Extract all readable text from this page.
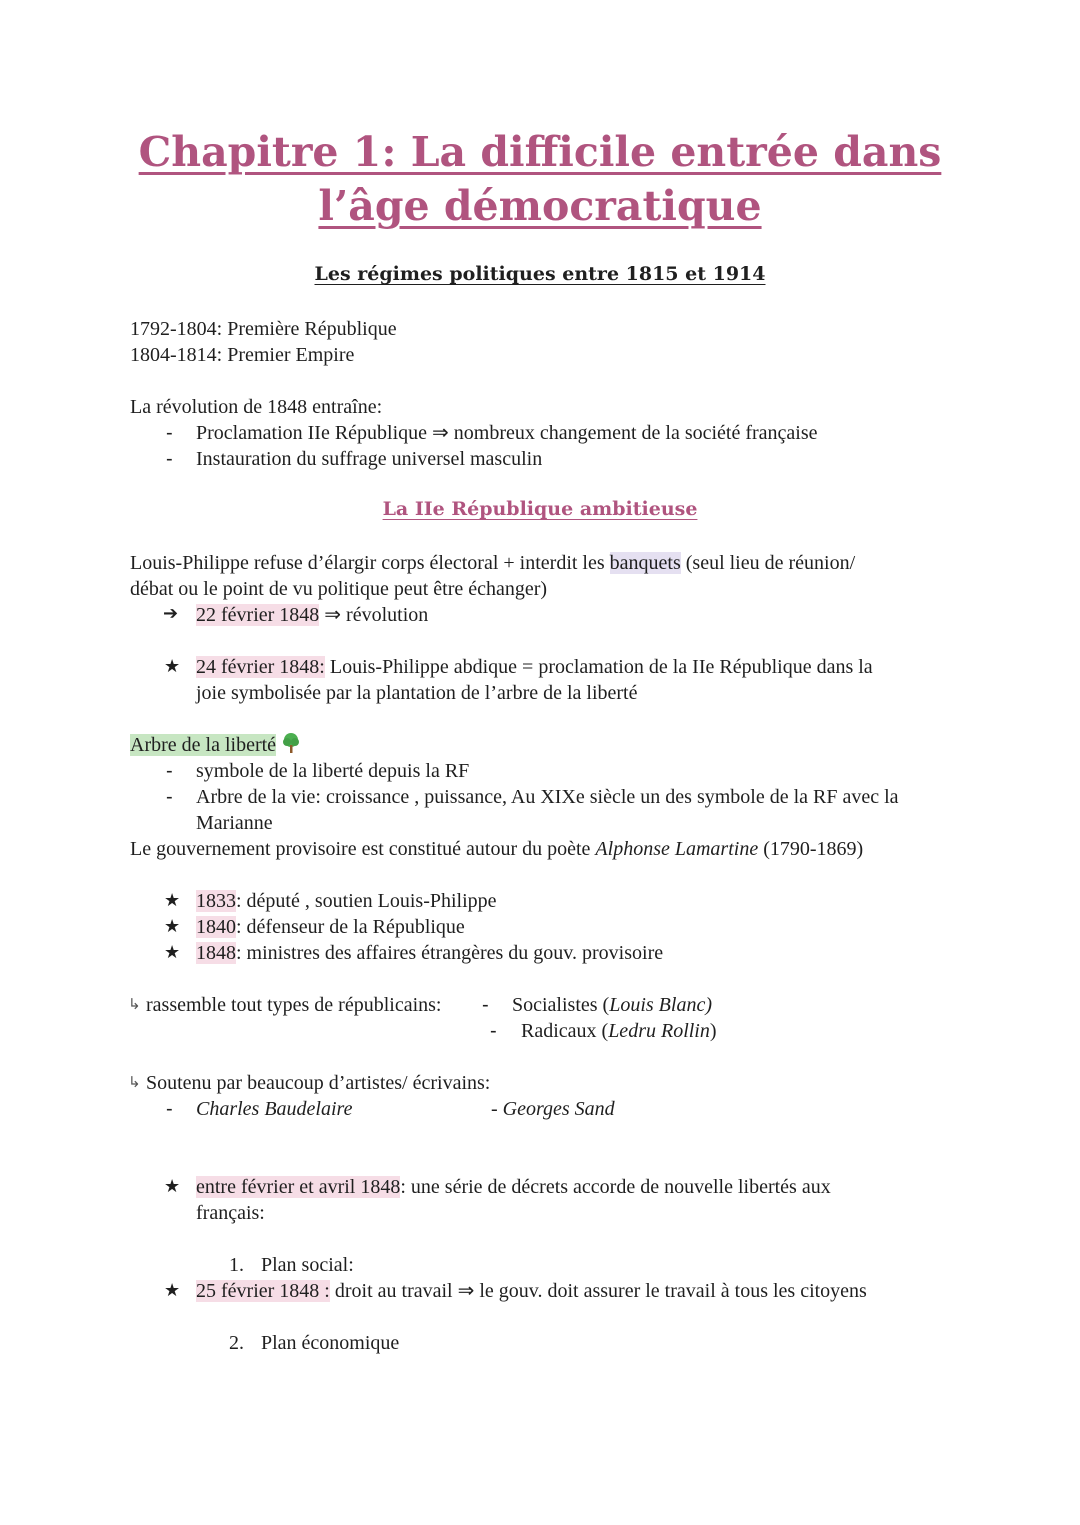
Chapitre 1: La difficile entrée dans
l’âge démocratique
Les régimes politiques entre 1815 et 1914
1792-1804: Première République
1804-1814: Premier Empire
La révolution de 1848 entraîne:
- Proclamation IIe République ⇒ nombreux changement de la société française
- Instauration du suffrage universel masculin
La IIe République ambitieuse
Louis-Philippe refuse d’élargir corps électoral + interdit les banquets (seul lieu de réunion/
débat ou le point de vu politique peut être échanger)
➔ 22 février 1848 ⇒ révolution
★ 24 février 1848: Louis-Philippe abdique = proclamation de la IIe République dans la
joie symbolisée par la plantation de l’arbre de la liberté
Arbre de la liberté
- symbole de la liberté depuis la RF
- Arbre de la vie: croissance , puissance, Au XIXe siècle un des symbole de la RF avec la
Marianne
Le gouvernement provisoire est constitué autour du poète Alphonse Lamartine (1790-1869)
★ 1833: député , soutien Louis-Philippe
★ 1840: défenseur de la République
★ 1848: ministres des affaires étrangères du gouv. provisoire
↳ rassemble tout types de républicains: - Socialistes (Louis Blanc)
- Radicaux (Ledru Rollin)
↳ Soutenu par beaucoup d’artistes/ écrivains:
- Charles Baudelaire	- Georges Sand
★ entre février et avril 1848: une série de décrets accorde de nouvelle libertés aux
français:
1. Plan social:
★ 25 février 1848 : droit au travail ⇒ le gouv. doit assurer le travail à tous les citoyens
2. Plan économique
